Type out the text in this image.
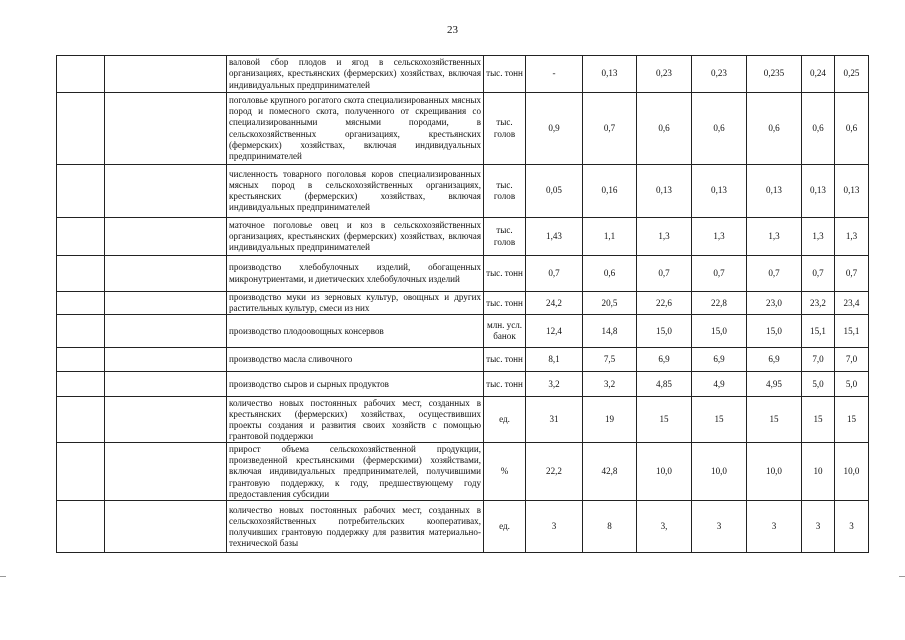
23
		валовой сбор плодов и ягод в сельскохозяйственных организациях, крестьянских (фермерских) хозяйствах, включая индивидуальных предпринимателей	тыс. тонн	-	0,13	0,23	0,23	0,235	0,24	0,25
		поголовье крупного рогатого скота специализированных мясных пород и помесного скота, полученного от скрещивания со специализированными мясными породами, в сельскохозяйственных организациях, крестьянских (фермерских) хозяйствах, включая индивидуальных предпринимателей	тыс. голов	0,9	0,7	0,6	0,6	0,6	0,6	0,6
		численность товарного поголовья коров специализированных мясных пород в сельскохозяйственных организациях, крестьянских (фермерских) хозяйствах, включая индивидуальных предпринимателей	тыс. голов	0,05	0,16	0,13	0,13	0,13	0,13	0,13
		маточное поголовье овец и коз в сельскохозяйственных организациях, крестьянских (фермерских) хозяйствах, включая индивидуальных предпринимателей	тыс. голов	1,43	1,1	1,3	1,3	1,3	1,3	1,3
		производство хлебобулочных изделий, обогащенных микронутриентами, и диетических хлебобулочных изделий	тыс. тонн	0,7	0,6	0,7	0,7	0,7	0,7	0,7
		производство муки из зерновых культур, овощных и других растительных культур, смеси из них	тыс. тонн	24,2	20,5	22,6	22,8	23,0	23,2	23,4
		производство плодоовощных консервов	млн. усл. банок	12,4	14,8	15,0	15,0	15,0	15,1	15,1
		производство масла сливочного	тыс. тонн	8,1	7,5	6,9	6,9	6,9	7,0	7,0
		производство сыров и сырных продуктов	тыс. тонн	3,2	3,2	4,85	4,9	4,95	5,0	5,0
		количество новых постоянных рабочих мест, созданных в крестьянских (фермерских) хозяйствах, осуществивших проекты создания и развития своих хозяйств с помощью грантовой поддержки	ед.	31	19	15	15	15	15	15
		прирост объема сельскохозяйственной продукции, произведенной крестьянскими (фермерскими) хозяйствами, включая индивидуальных предпринимателей, получившими грантовую поддержку, к году, предшествующему году предоставления субсидии	%	22,2	42,8	10,0	10,0	10,0	10	10,0
		количество новых постоянных рабочих мест, созданных в сельскохозяйственных потребительских кооперативах, получивших грантовую поддержку для развития материально-технической базы	ед.	3	8	3,	3	3	3	3
